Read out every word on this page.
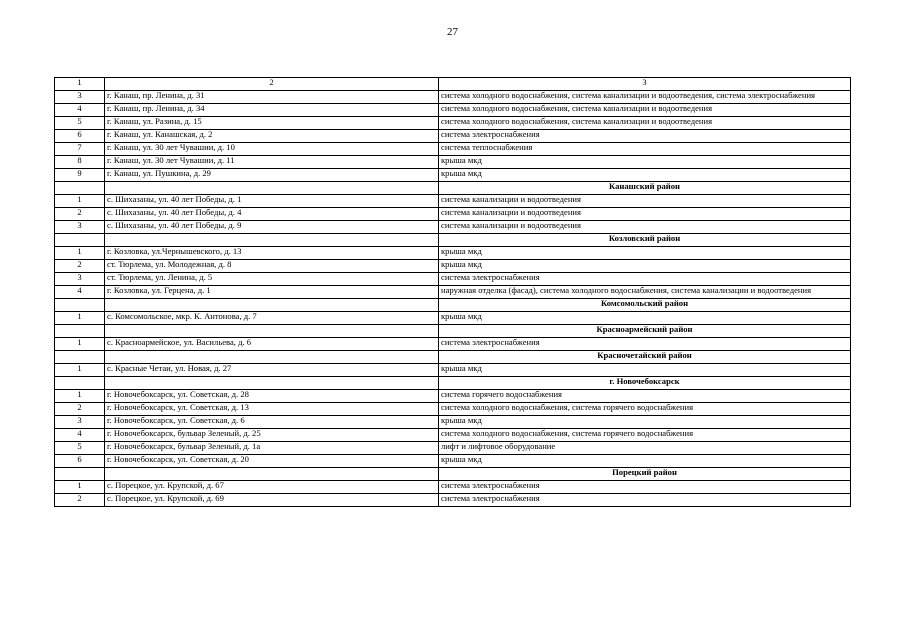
27
1	2	3
3	г. Канаш, пр. Ленина, д. 31	система холодного водоснабжения, система канализации и водоотведения, система электроснабжения
4	г. Канаш, пр. Ленина, д. 34	система холодного водоснабжения, система канализации и водоотведения
5	г. Канаш, ул. Разина, д. 15	система холодного водоснабжения, система канализации и водоотведения
6	г. Канаш, ул. Канашская, д. 2	система электроснабжения
7	г. Канаш, ул. 30 лет Чувашии, д. 10	система теплоснабжения
8	г. Канаш, ул. 30 лет Чувашии, д. 11	крыша мкд
9	г. Канаш, ул. Пушкина, д. 29	крыша мкд
		Канашский район
1	с. Шихазаны, ул. 40 лет Победы, д. 1	система канализации и водоотведения
2	с. Шихазаны, ул. 40 лет Победы, д. 4	система канализации и водоотведения
3	с. Шихазаны, ул. 40 лет Победы, д. 9	система канализации и водоотведения
		Козловский район
1	г. Козловка, ул.Чернышевского, д. 13	крыша мкд
2	ст. Тюрлема, ул. Молодежная, д. 8	крыша мкд
3	ст. Тюрлема, ул. Ленина, д. 5	система электроснабжения
4	г. Козловка, ул. Герцена, д. 1	наружная отделка (фасад), система холодного водоснабжения, система канализации и водоотведения
		Комсомольский район
1	с. Комсомольское, мкр. К. Антонова, д. 7	крыша мкд
		Красноармейский район
1	с. Красноармейское, ул. Васильева, д. 6	система электроснабжения
		Красночетайский район
1	с. Красные Четаи, ул. Новая, д. 27	крыша мкд
		г. Новочебоксарск
1	г. Новочебоксарск, ул. Советская, д. 28	система горячего водоснабжения
2	г. Новочебоксарск, ул. Советская, д. 13	система холодного водоснабжения, система горячего водоснабжения
3	г. Новочебоксарск, ул. Советская, д. 6	крыша мкд
4	г. Новочебоксарск, бульвар Зеленый, д. 25	система холодного водоснабжения, система горячего водоснабжения
5	г. Новочебоксарск, бульвар Зеленый, д. 1а	лифт и лифтовое оборудование
6	г. Новочебоксарск, ул. Советская, д. 20	крыша мкд
		Порецкий район
1	с. Порецкое, ул. Крупской, д. 67	система электроснабжения
2	с. Порецкое, ул. Крупской, д. 69	система электроснабжения
